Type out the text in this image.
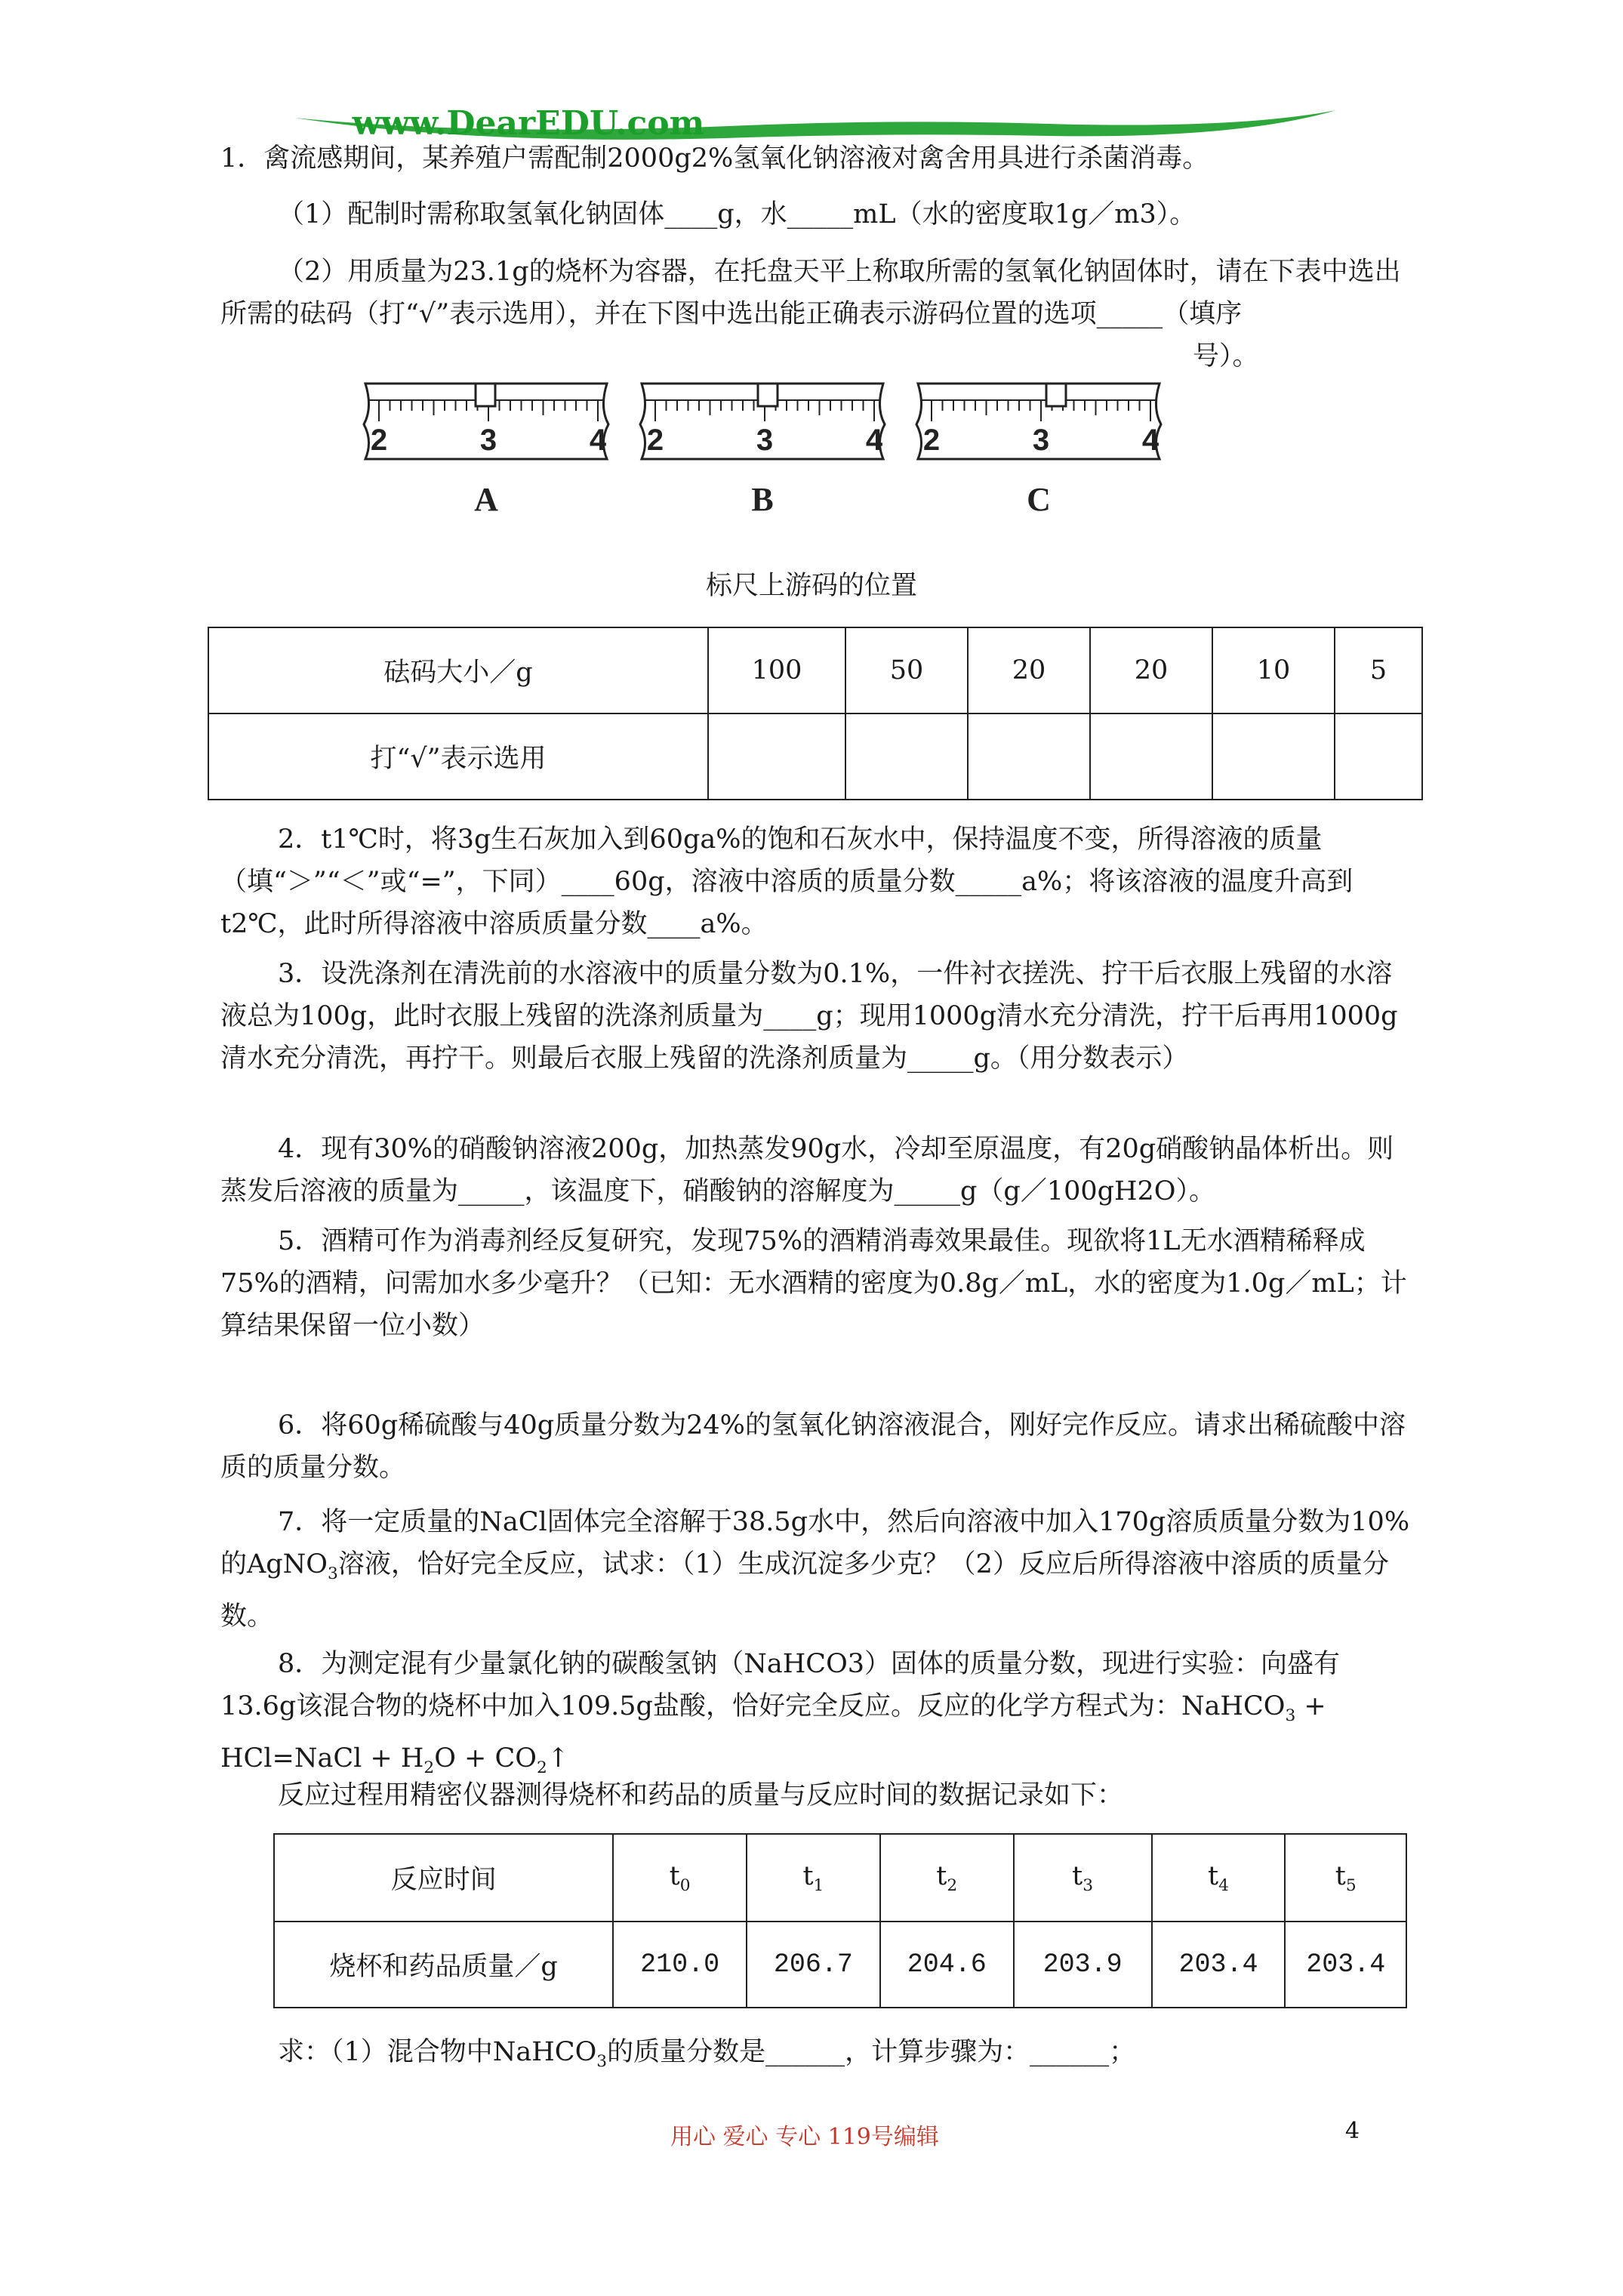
www.DearEDU.com

1．禽流感期间，某养殖户需配制2000g2%氢氧化钠溶液对禽舍用具进行杀菌消毒。

（1）配制时需称取氢氧化钠固体____g，水_____mL（水的密度取1g／m3）。

（2）用质量为23.1g的烧杯为容器，在托盘天平上称取所需的氢氧化钠固体时，请在下表中选出所需的砝码（打“√”表示选用），并在下图中选出能正确表示游码位置的选项_____（填序

号）。
2	3	4
A
2	3	4
B
2	3	4
C

标尺上游码的位置

砝码大小／g	100	50	20	20	10	5
打“√”表示选用						

2．t1℃时，将3g生石灰加入到60ga%的饱和石灰水中，保持温度不变，所得溶液的质量（填“＞”“＜”或“=”，下同）____60g，溶液中溶质的质量分数_____a%；将该溶液的温度升高到t2℃，此时所得溶液中溶质质量分数____a%。

3．设洗涤剂在清洗前的水溶液中的质量分数为0.1%，一件衬衣搓洗、拧干后衣服上残留的水溶液总为100g，此时衣服上残留的洗涤剂质量为____g；现用1000g清水充分清洗，拧干后再用1000g清水充分清洗，再拧干。则最后衣服上残留的洗涤剂质量为_____g。（用分数表示）

4．现有30%的硝酸钠溶液200g，加热蒸发90g水，冷却至原温度，有20g硝酸钠晶体析出。则蒸发后溶液的质量为_____，该温度下，硝酸钠的溶解度为_____g（g／100gH2O）。

5．酒精可作为消毒剂经反复研究，发现75%的酒精消毒效果最佳。现欲将1L无水酒精稀释成75%的酒精，问需加水多少毫升？（已知：无水酒精的密度为0.8g／mL，水的密度为1.0g／mL；计算结果保留一位小数）

6．将60g稀硫酸与40g质量分数为24%的氢氧化钠溶液混合，刚好完作反应。请求出稀硫酸中溶质的质量分数。

7．将一定质量的NaCl固体完全溶解于38.5g水中，然后向溶液中加入170g溶质质量分数为10%的AgNO$_3$溶液，恰好完全反应，试求：（1）生成沉淀多少克？（2）反应后所得溶液中溶质的质量分数。

8．为测定混有少量氯化钠的碳酸氢钠（NaHCO3）固体的质量分数，现进行实验：向盛有13.6g该混合物的烧杯中加入109.5g盐酸，恰好完全反应。反应的化学方程式为：NaHCO$_3$ + HCl=NaCl + $H_2O$ + $CO_2↑$

反应过程用精密仪器测得烧杯和药品的质量与反应时间的数据记录如下：

反应时间	$t_0$	$t_1$	$t_2$	$t_3$	$t_4$	$t_5$
烧杯和药品质量／g	210.0	206.7	204.6	203.9	203.4	203.4

求：（1）混合物中NaHCO$_3$的质量分数是______，计算步骤为：______；

用心 爱心 专心 119号编辑	4
